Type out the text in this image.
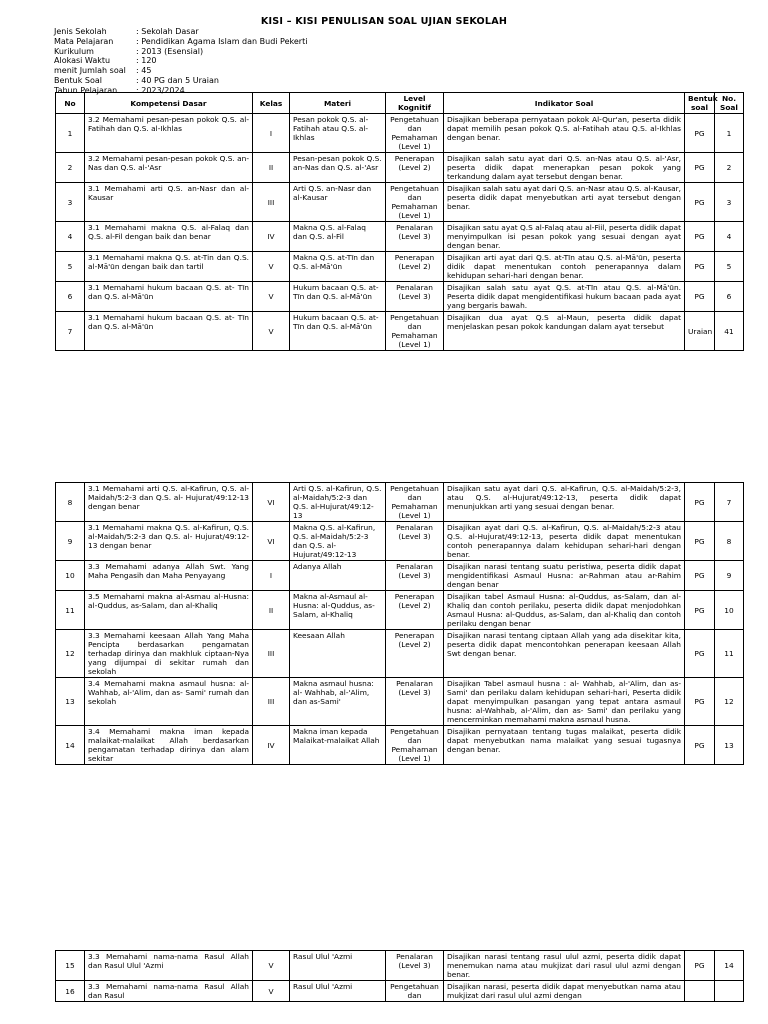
KISI – KISI PENULISAN SOAL UJIAN SEKOLAH
Jenis Sekolah	: Sekolah Dasar
Mata Pelajaran	: Pendidikan Agama Islam dan Budi Pekerti
Kurikulum	: 2013 (Esensial)
Alokasi Waktu	: 120
menit Jumlah soal	: 45
Bentuk Soal	: 40 PG dan 5 Uraian
Tahun Pelajaran	: 2023/2024
No	Kompetensi Dasar	Kelas	Materi	Level Kognitif	Indikator Soal	Bentuk soal	No. Soal
1	3.2 Memahami pesan-pesan pokok Q.S. al-Fatihah dan Q.S. al-Ikhlas	I	Pesan pokok Q.S. al-Fatihah atau Q.S. al-Ikhlas	Pengetahuan dan Pemahaman (Level 1)	Disajikan beberapa pernyataan pokok Al-Qur'an, peserta didik dapat memilih pesan pokok Q.S. al-Fatihah atau Q.S. al-Ikhlas dengan benar.	PG	1
2	3.2 Memahami pesan-pesan pokok Q.S. an-Nas dan Q.S. al-'Asr	II	Pesan-pesan pokok Q.S. an-Nas dan Q.S. al-'Asr	Penerapan (Level 2)	Disajikan salah satu ayat dari Q.S. an-Nas atau Q.S. al-'Asr, peserta didik dapat menerapkan pesan pokok yang terkandung dalam ayat tersebut dengan benar.	PG	2
3	3.1 Memahami arti Q.S. an-Nasr dan al-Kausar	III	Arti Q.S. an-Nasr dan al-Kausar	Pengetahuan dan Pemahaman (Level 1)	Disajikan salah satu ayat dari Q.S. an-Nasr atau Q.S. al-Kausar, peserta didik dapat menyebutkan arti ayat tersebut dengan benar.	PG	3
4	3.1 Memahami makna Q.S. al-Falaq dan Q.S. al-Fil dengan baik dan benar	IV	Makna Q.S. al-Falaq dan Q.S. al-Fil	Penalaran (Level 3)	Disajikan satu ayat Q.S al-Falaq atau al-Fiil, peserta didik dapat menyimpulkan isi pesan pokok yang sesuai dengan ayat dengan benar.	PG	4
5	3.1 Memahami makna Q.S. at-Tin dan Q.S. al-Mā'ūn dengan baik dan tartil	V	Makna Q.S. at-Tīn dan Q.S. al-Mā'ūn	Penerapan (Level 2)	Disajikan arti ayat dari Q.S. at-Tīn atau Q.S. al-Mā'ūn, peserta didik dapat menentukan contoh penerapannya dalam kehidupan sehari-hari dengan benar.	PG	5
6	3.1 Memahami hukum bacaan Q.S. at- Tīn dan Q.S. al-Mā'ūn	V	Hukum bacaan Q.S. at-Tīn dan Q.S. al-Mā'ūn	Penalaran (Level 3)	Disajikan salah satu ayat Q.S. at-Tīn atau Q.S. al-Mā'ūn. Peserta didik dapat mengidentifikasi hukum bacaan pada ayat yang bergaris bawah.	PG	6
7	3.1 Memahami hukum bacaan Q.S. at- Tīn dan Q.S. al-Mā'ūn	V	Hukum bacaan Q.S. at-Tīn dan Q.S. al-Mā'ūn	Pengetahuan dan Pemahaman (Level 1)	Disajikan dua ayat Q.S al-Maun, peserta didik dapat menjelaskan pesan pokok kandungan dalam ayat tersebut	Uraian	41
8	3.1 Memahami arti Q.S. al-Kafirun, Q.S. al-Maidah/5:2-3 dan Q.S. al- Hujurat/49:12-13 dengan benar	VI	Arti Q.S. al-Kafirun, Q.S. al-Maidah/5:2-3 dan Q.S. al-Hujurat/49:12-13	Pengetahuan dan Pemahaman (Level 1)	Disajikan satu ayat dari Q.S. al-Kafirun, Q.S. al-Maidah/5:2-3, atau Q.S. al-Hujurat/49:12-13, peserta didik dapat menunjukkan arti yang sesuai dengan benar.	PG	7
9	3.1 Memahami makna Q.S. al-Kafirun, Q.S. al-Maidah/5:2-3 dan Q.S. al- Hujurat/49:12-13 dengan benar	VI	Makna Q.S. al-Kafirun, Q.S. al-Maidah/5:2-3 dan Q.S. al-Hujurat/49:12-13	Penalaran (Level 3)	Disajikan ayat dari Q.S. al-Kafirun, Q.S. al-Maidah/5:2-3 atau Q.S. al-Hujurat/49:12-13, peserta didik dapat menentukan contoh penerapannya dalam kehidupan sehari-hari dengan benar.	PG	8
10	3.3 Memahami adanya Allah Swt. Yang Maha Pengasih dan Maha Penyayang	I	Adanya Allah	Penalaran (Level 3)	Disajikan narasi tentang suatu peristiwa, peserta didik dapat mengidentifikasi Asmaul Husna: ar-Rahman atau ar-Rahim dengan benar	PG	9
11	3.5 Memahami makna al-Asmau al-Husna: al-Quddus, as-Salam, dan al-Khaliq	II	Makna al-Asmaul al-Husna: al-Quddus, as- Salam, al-Khaliq	Penerapan (Level 2)	Disajikan tabel Asmaul Husna: al-Quddus, as-Salam, dan al-Khaliq dan contoh perilaku, peserta didik dapat menjodohkan Asmaul Husna: al-Quddus, as-Salam, dan al-Khaliq dan contoh perilaku dengan benar	PG	10
12	3.3 Memahami keesaan Allah Yang Maha Pencipta berdasarkan pengamatan terhadap dirinya dan makhluk ciptaan-Nya yang dijumpai di sekitar rumah dan sekolah	III	Keesaan Allah	Penerapan (Level 2)	Disajikan narasi tentang ciptaan Allah yang ada disekitar kita, peserta didik dapat mencontohkan penerapan keesaan Allah Swt dengan benar.	PG	11
13	3.4 Memahami makna asmaul husna: al- Wahhab, al-'Alim, dan as- Sami' rumah dan sekolah	III	Makna asmaul husna: al- Wahhab, al-'Alim, dan as-Sami'	Penalaran (Level 3)	Disajikan Tabel asmaul husna : al- Wahhab, al-'Alim, dan as- Sami' dan perilaku dalam kehidupan sehari-hari, Peserta didik dapat menyimpulkan pasangan yang tepat antara asmaul husna: al-Wahhab, al-'Alim, dan as- Sami' dan perilaku yang mencerminkan memahami makna asmaul husna.	PG	12
14	3.4 Memahami makna iman kepada malaikat-malaikat Allah berdasarkan pengamatan terhadap dirinya dan alam sekitar	IV	Makna iman kepada Malaikat-malaikat Allah	Pengetahuan dan Pemahaman (Level 1)	Disajikan pernyataan tentang tugas malaikat, peserta didik dapat menyebutkan nama malaikat yang sesuai tugasnya dengan benar.	PG	13
15	3.3 Memahami nama-nama Rasul Allah dan Rasul Ulul 'Azmi	V	Rasul Ulul 'Azmi	Penalaran (Level 3)	Disajikan narasi tentang rasul ulul azmi, peserta didik dapat menemukan nama atau mukjizat dari rasul ulul azmi dengan benar.	PG	14
16	3.3 Memahami nama-nama Rasul Allah dan Rasul	V	Rasul Ulul 'Azmi	Pengetahuan dan	Disajikan narasi, peserta didik dapat menyebutkan nama atau mukjizat dari rasul ulul azmi dengan		
